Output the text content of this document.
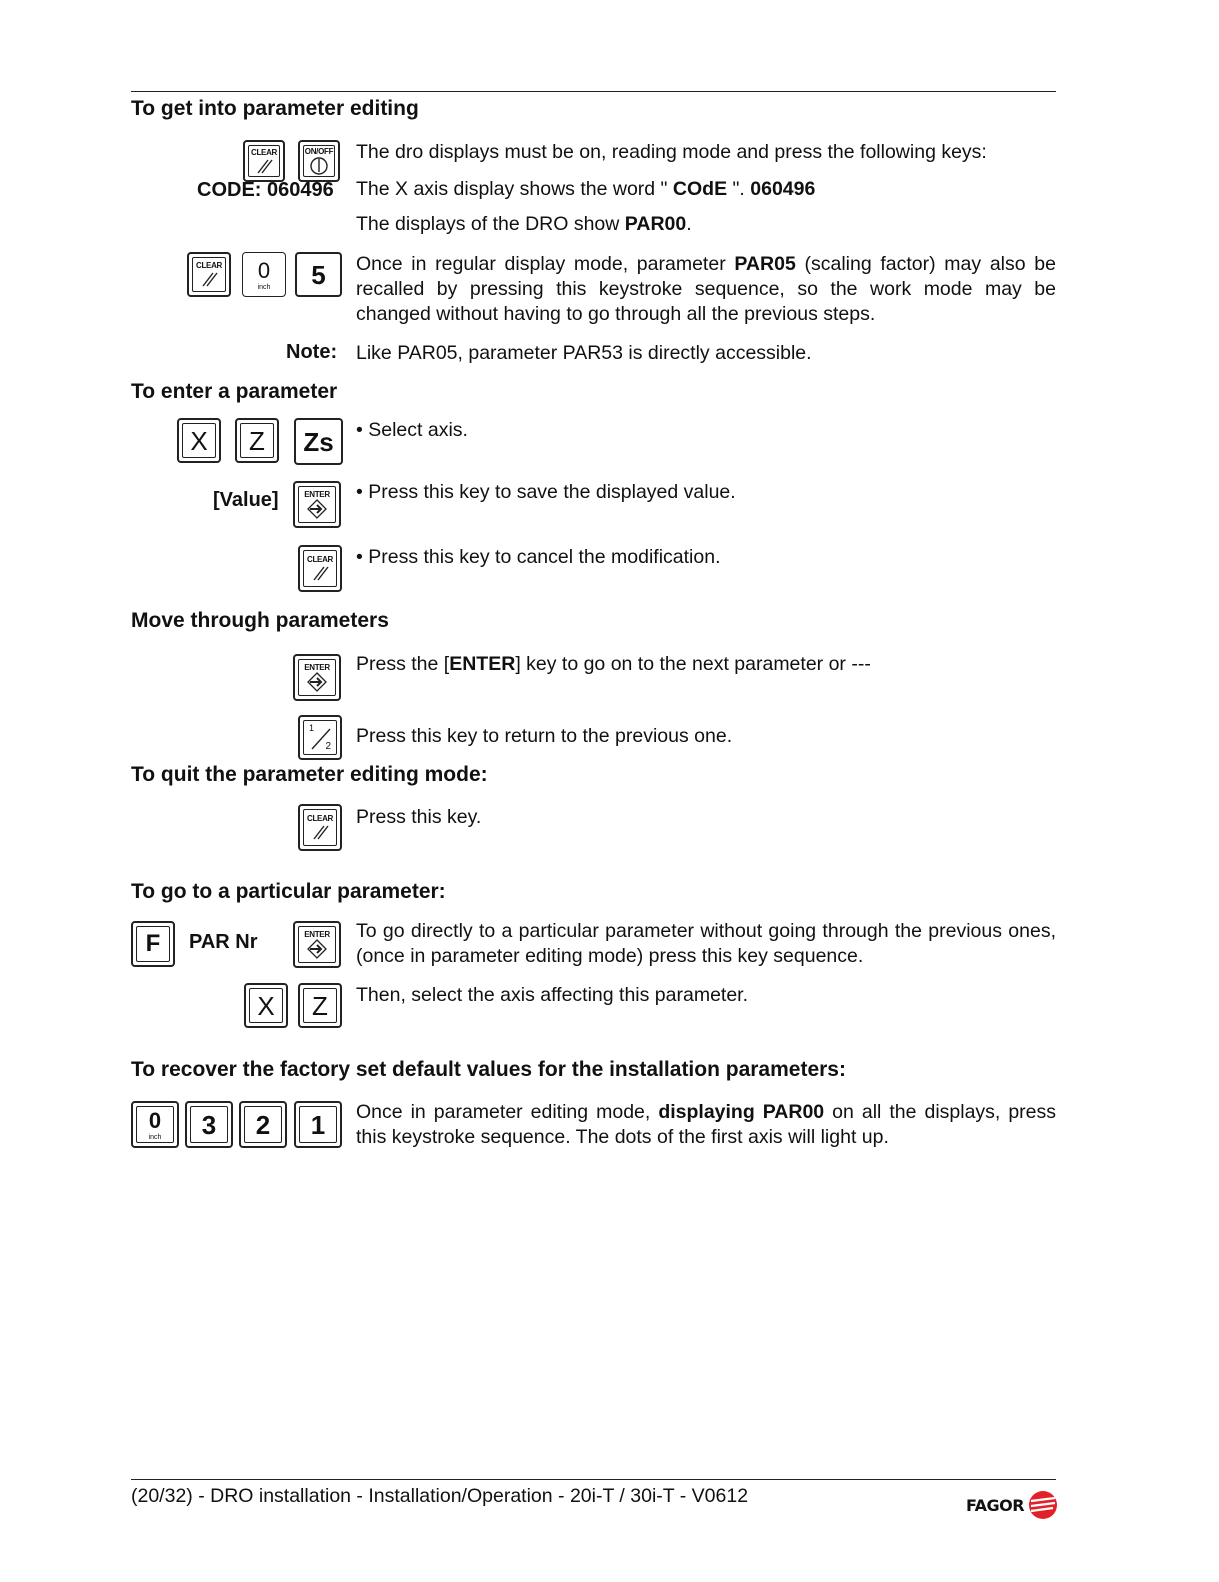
To get into parameter editing
CLEAR	ON/OFF The dro displays must be on, reading mode and press the following keys:
CODE: 060496 The X axis display shows the word " COdE ". 060496
The displays of the DRO show PAR00.
CLEAR 0
inch 5 Once in regular display mode, parameter PAR05 (scaling factor) may also be recalled by pressing this keystroke sequence, so the work mode may be changed without having to go through all the previous steps.
Note: Like PAR05, parameter PAR53 is directly accessible.
To enter a parameter
X Z Zs • Select axis.
[Value]	ENTER • Press this key to save the displayed value.
CLEAR • Press this key to cancel the modification.
Move through parameters
ENTER Press the [ENTER] key to go on to the next parameter or ---
1
2 Press this key to return to the previous one.
To quit the parameter editing mode:
CLEAR Press this key.
To go to a particular parameter:
F PAR Nr	ENTER To go directly to a particular parameter without going through the previous ones, (once in parameter editing mode) press this key sequence.
X Z Then, select the axis affecting this parameter.
To recover the factory set default values for the installation parameters:
0
inch 3 2 1 Once in parameter editing mode, displaying PAR00 on all the displays, press this keystroke sequence. The dots of the first axis will light up.
(20/32) - DRO installation - Installation/Operation - 20i-T / 30i-T - V0612	FAGOR
